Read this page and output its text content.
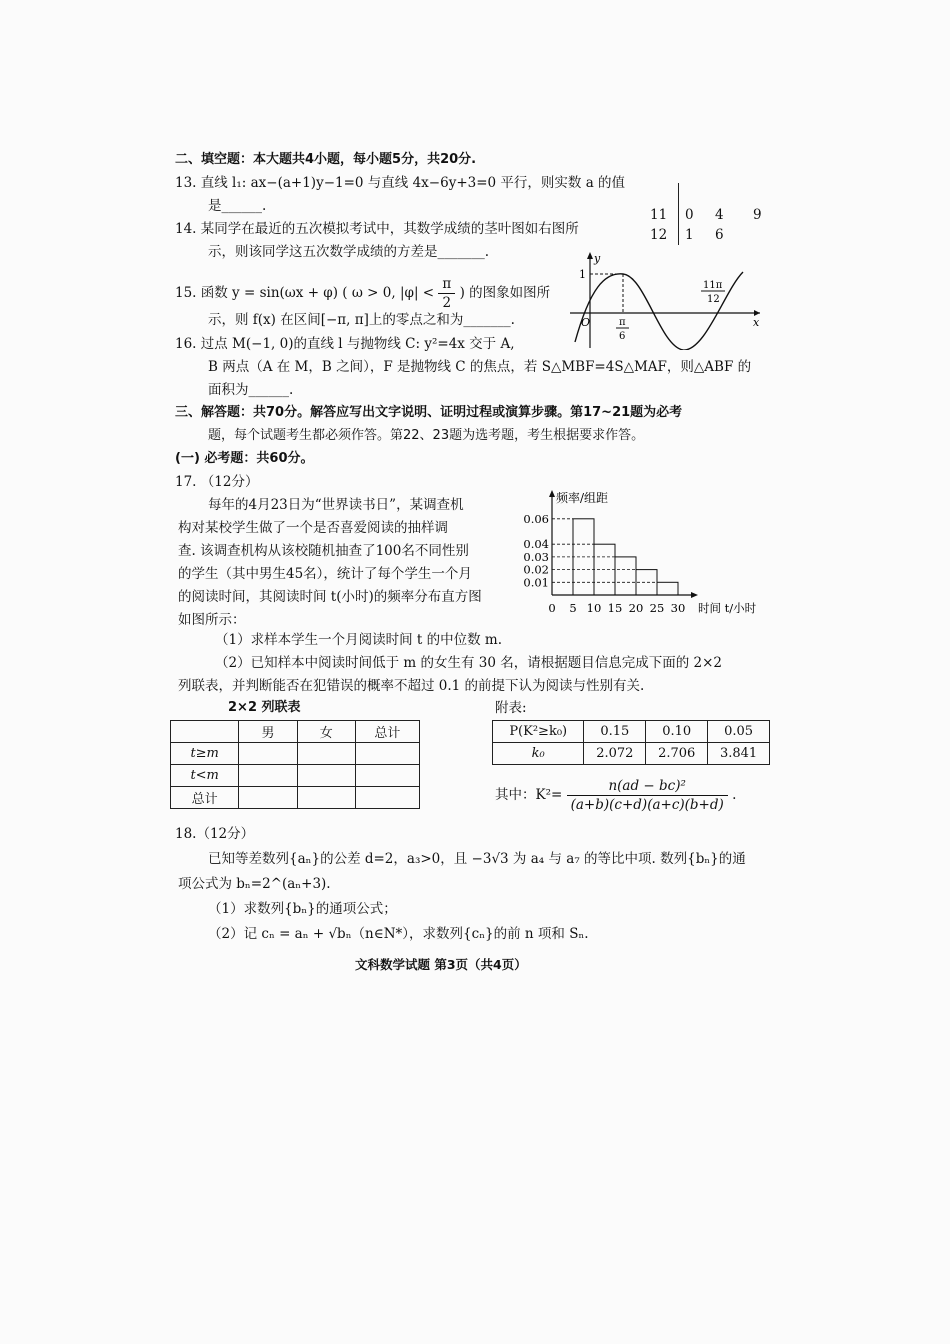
二、填空题：本大题共4小题，每小题5分，共20分.
13. 直线 l₁: ax−(a+1)y−1=0 与直线 4x−6y+3=0 平行，则实数 a 的值
是______.
14. 某同学在最近的五次模拟考试中，其数学成绩的茎叶图如右图所
示，则该同学这五次数学成绩的方差是_______.
15. 函数 y = sin(ωx + φ) ( ω > 0, $|\varphi| < \frac{\pi}{2}$ ) 的图象如图所
示，则 f(x) 在区间[−π, π]上的零点之和为_______.
16. 过点 M(−1, 0)的直线 l 与抛物线 C: y²=4x 交于 A,
B 两点（A 在 M，B 之间），F 是抛物线 C 的焦点，若 S△MBF=4S△MAF，则△ABF 的
面积为______.
11 0 4 9
12 1 6
y
x
1
O	π
6
11π
12
三、解答题：共70分。解答应写出文字说明、证明过程或演算步骤。第17~21题为必考
题，每个试题考生都必须作答。第22、23题为选考题，考生根据要求作答。
(一) 必考题：共60分。
17. （12分）
每年的4月23日为“世界读书日”，某调查机
构对某校学生做了一个是否喜爱阅读的抽样调
查. 该调查机构从该校随机抽查了100名不同性别
的学生（其中男生45名），统计了每个学生一个月
的阅读时间，其阅读时间 t(小时)的频率分布直方图
如图所示：
频率/组距
0.06
0.04
0.03
0.02
0.01
0 5 10 15 20 25 30 时间 t/小时
（1）求样本学生一个月阅读时间 t 的中位数 m.
（2）已知样本中阅读时间低于 m 的女生有 30 名，请根据题目信息完成下面的 2×2
列联表，并判断能否在犯错误的概率不超过 0.1 的前提下认为阅读与性别有关.
2×2 列联表	附表:
	男	女	总计
t≥m			
t<m			
总计			
P(K²≥k₀)	0.15	0.10	0.05
k₀	2.072	2.706	3.841
其中：$K^2= \frac{\text{n(ad − bc)²}}{(a+b)(c+d)(a+c)(b+d)}$ .
18.（12分）
已知等差数列{aₙ}的公差 d=2，a₃>0，且 −3√3 为 a₄ 与 a₇ 的等比中项. 数列{bₙ}的通
项公式为 bₙ=2^(aₙ+3).
（1）求数列{bₙ}的通项公式；
（2）记 cₙ = aₙ + √bₙ（n∈N*），求数列{cₙ}的前 n 项和 Sₙ.
文科数学试题 第3页（共4页）
